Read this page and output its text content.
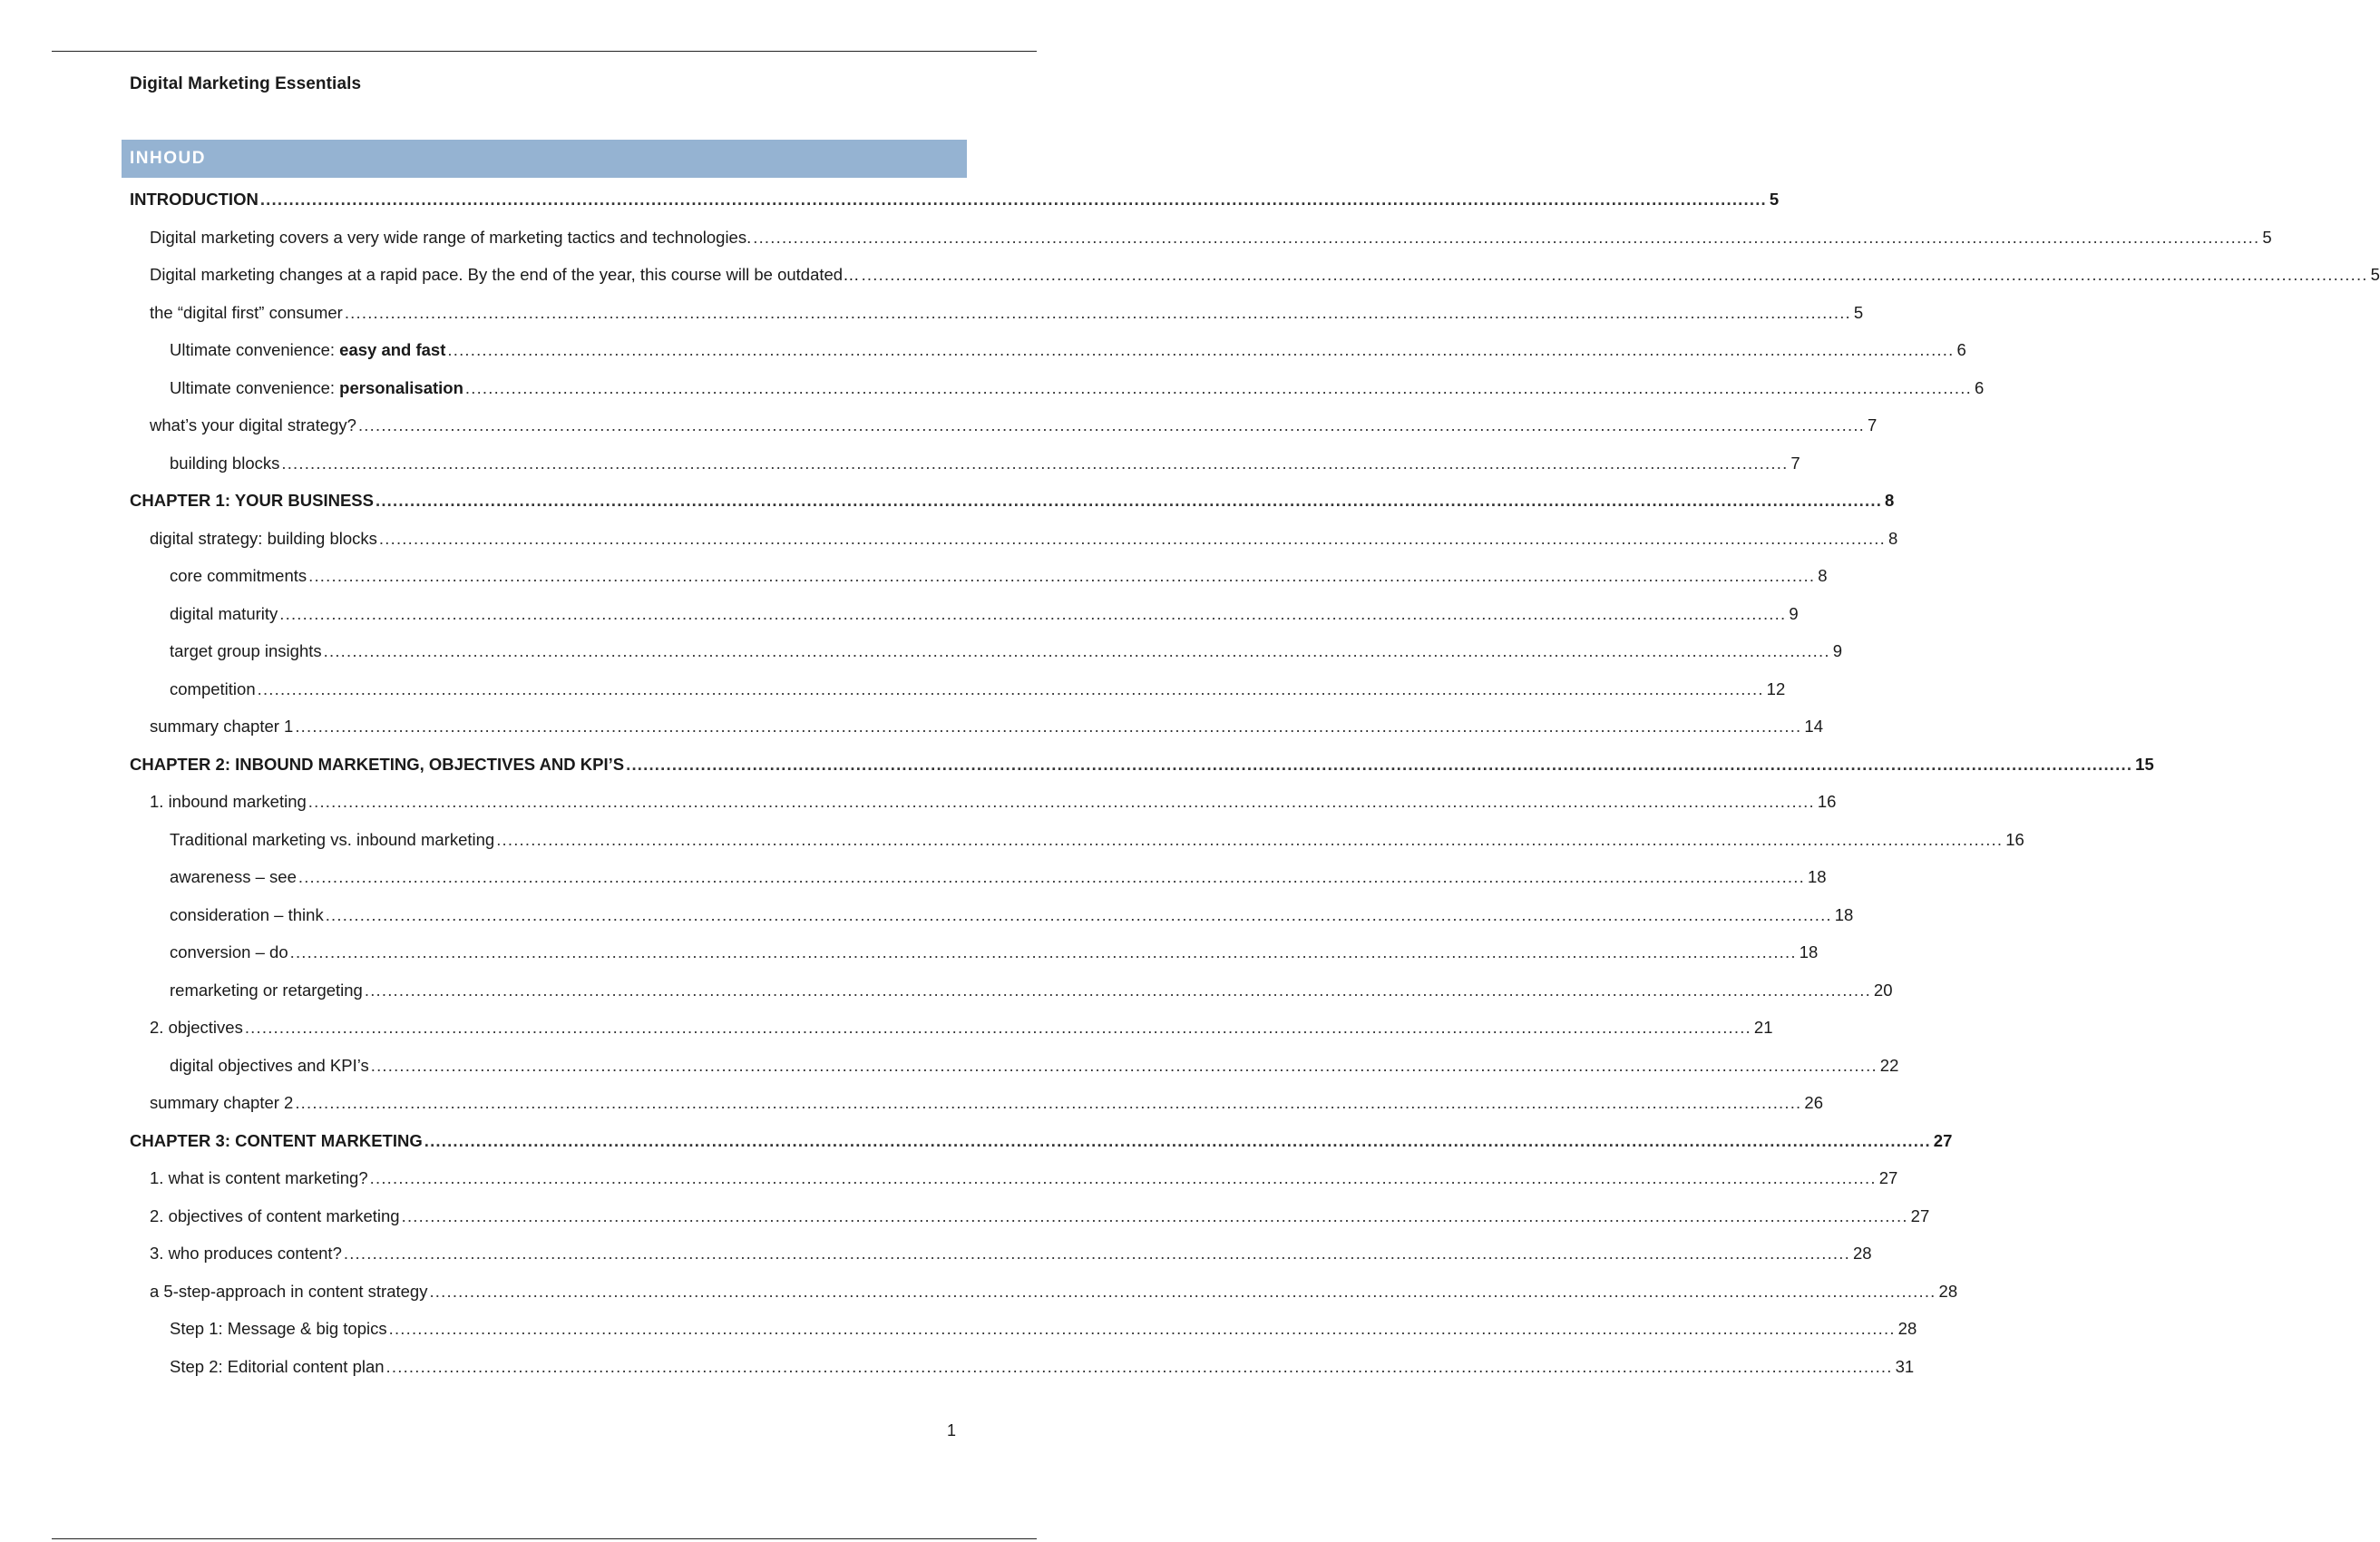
Digital Marketing Essentials
INHOUD
INTRODUCTION .....	5
Digital marketing covers a very wide range of marketing tactics and technologies. .....	5
Digital marketing changes at a rapid pace. By the end of the year, this course will be outdated… .....	5
the “digital first” consumer .....	5
Ultimate convenience: easy and fast .....	6
Ultimate convenience: personalisation .....	6
what’s your digital strategy? .....	7
building blocks .....	7
CHAPTER 1: YOUR BUSINESS .....	8
digital strategy: building blocks .....	8
core commitments .....	8
digital maturity .....	9
target group insights .....	9
competition .....	12
summary chapter 1 .....	14
CHAPTER 2: INBOUND MARKETING, OBJECTIVES AND KPI’S .....	15
1. inbound marketing .....	16
Traditional marketing vs. inbound marketing .....	16
awareness – see .....	18
consideration – think .....	18
conversion – do .....	18
remarketing or retargeting .....	20
2. objectives .....	21
digital objectives and KPI’s .....	22
summary chapter 2 .....	26
CHAPTER 3: CONTENT MARKETING .....	27
1. what is content marketing? .....	27
2. objectives of content marketing .....	27
3. who produces content? .....	28
a 5-step-approach in content strategy .....	28
Step 1: Message & big topics .....	28
Step 2: Editorial content plan .....	31
1
